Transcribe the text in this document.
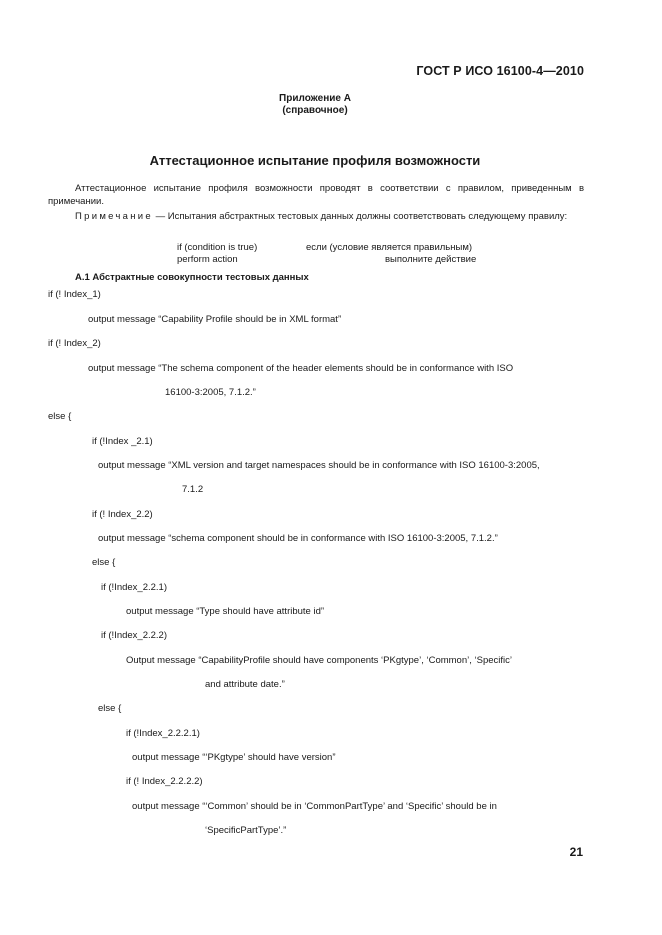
ГОСТ Р ИСО 16100-4—2010
Приложение А
(справочное)
Аттестационное испытание профиля возможности
Аттестационное испытание профиля возможности проводят в соответствии с правилом, приведенным в примечании.
Примечание — Испытания абстрактных тестовых данных должны соответствовать следующему правилу:
if (condition is true)
perform action
если (условие является правильным)
выполните действие
А.1 Абстрактные совокупности тестовых данных
if (! Index_1)
output message “Capability Profile should be in XML format”
if (! Index_2)
output message “The schema component of the header elements should be in conformance with ISO
16100-3:2005, 7.1.2.”
else {
if (!Index _2.1)
output message “XML version and target namespaces should be in conformance with ISO 16100-3:2005,
7.1.2
if (! Index_2.2)
output message “schema component should be in conformance with ISO 16100-3:2005, 7.1.2.”
else {
if (!Index_2.2.1)
output message “Type should have attribute id”
if (!Index_2.2.2)
Output message “CapabilityProfile should have components ‘PKgtype’, ‘Common’, ‘Specific’
and attribute date.”
else {
if (!Index_2.2.2.1)
output message “‘PKgtype’ should have version”
if (! Index_2.2.2.2)
output message “‘Common’ should be in ‘CommonPartType’ and ‘Specific’ should be in
‘SpecificPartType’.”
21
